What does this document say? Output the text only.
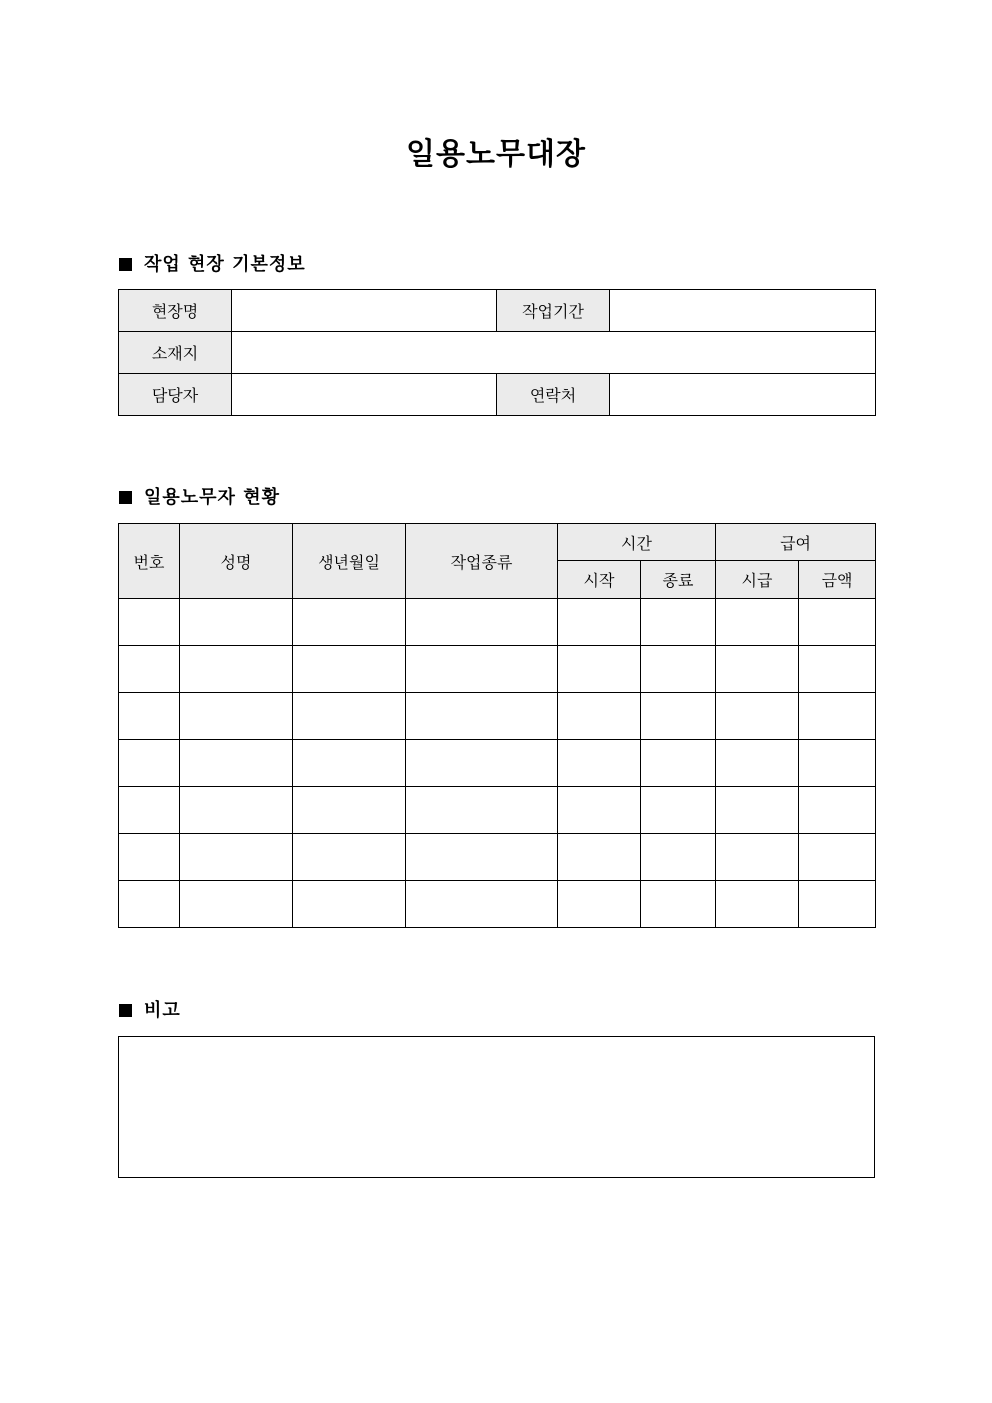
일용노무대장
작업 현장 기본정보
현장명		작업기간	
소재지			
담당자		연락처	
일용노무자 현황
번호	성명	생년월일	작업종류	시간		급여	
				시작	종료	시급	금액

비고
